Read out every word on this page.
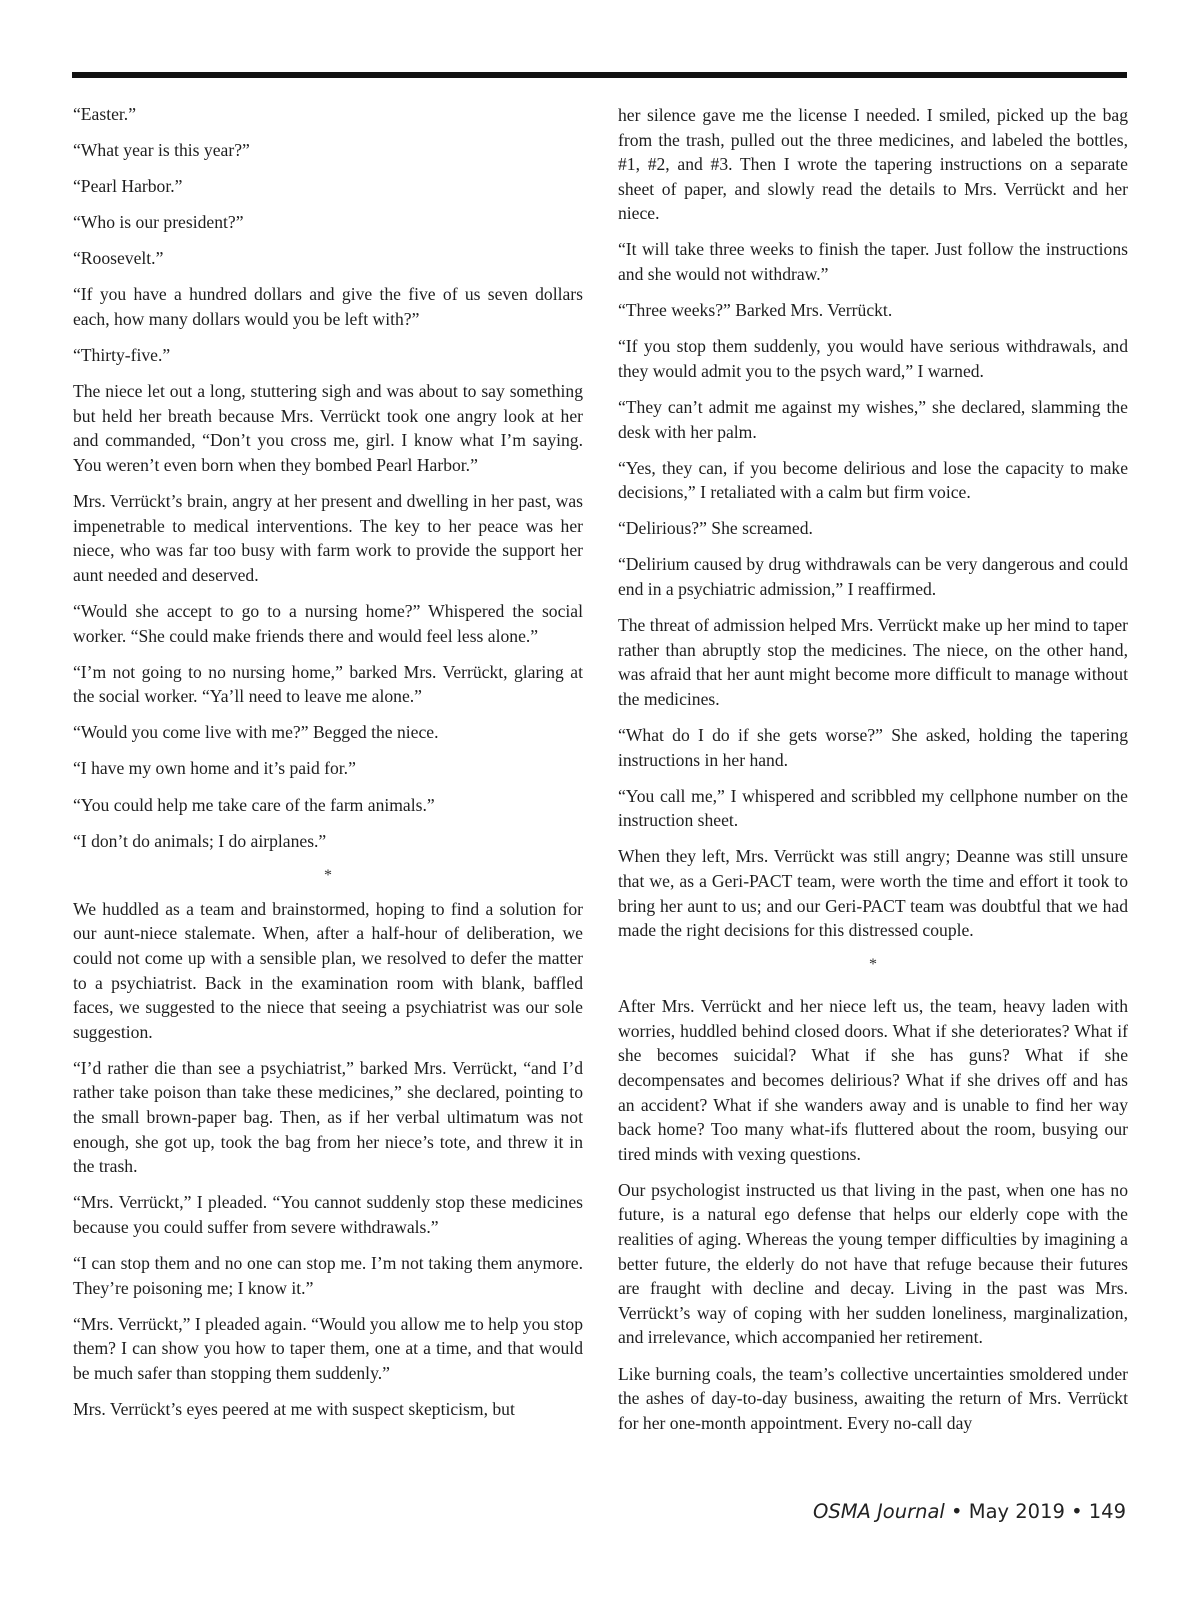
“Easter.”

“What year is this year?”

“Pearl Harbor.”

“Who is our president?”

“Roosevelt.”

“If you have a hundred dollars and give the five of us seven dollars each, how many dollars would you be left with?”

“Thirty-five.”

The niece let out a long, stuttering sigh and was about to say something but held her breath because Mrs. Verrückt took one angry look at her and commanded, “Don’t you cross me, girl. I know what I’m saying. You weren’t even born when they bombed Pearl Harbor.”

Mrs. Verrückt’s brain, angry at her present and dwelling in her past, was impenetrable to medical interventions. The key to her peace was her niece, who was far too busy with farm work to provide the support her aunt needed and deserved.

“Would she accept to go to a nursing home?” Whispered the social worker. “She could make friends there and would feel less alone.”

“I’m not going to no nursing home,” barked Mrs. Verrückt, glaring at the social worker. “Ya’ll need to leave me alone.”

“Would you come live with me?” Begged the niece.

“I have my own home and it’s paid for.”

“You could help me take care of the farm animals.”

“I don’t do animals; I do airplanes.”

*

We huddled as a team and brainstormed, hoping to find a solution for our aunt-niece stalemate. When, after a half-hour of deliberation, we could not come up with a sensible plan, we resolved to defer the matter to a psychiatrist. Back in the examination room with blank, baffled faces, we suggested to the niece that seeing a psychiatrist was our sole suggestion.

“I’d rather die than see a psychiatrist,” barked Mrs. Verrückt, “and I’d rather take poison than take these medicines,” she declared, pointing to the small brown-paper bag. Then, as if her verbal ultimatum was not enough, she got up, took the bag from her niece’s tote, and threw it in the trash.

“Mrs. Verrückt,” I pleaded. “You cannot suddenly stop these medicines because you could suffer from severe withdrawals.”

“I can stop them and no one can stop me. I’m not taking them anymore. They’re poisoning me; I know it.”

“Mrs. Verrückt,” I pleaded again. “Would you allow me to help you stop them? I can show you how to taper them, one at a time, and that would be much safer than stopping them suddenly.”

Mrs. Verrückt’s eyes peered at me with suspect skepticism, but

her silence gave me the license I needed. I smiled, picked up the bag from the trash, pulled out the three medicines, and labeled the bottles, #1, #2, and #3. Then I wrote the tapering instructions on a separate sheet of paper, and slowly read the details to Mrs. Verrückt and her niece.

“It will take three weeks to finish the taper. Just follow the instructions and she would not withdraw.”

“Three weeks?” Barked Mrs. Verrückt.

“If you stop them suddenly, you would have serious withdrawals, and they would admit you to the psych ward,” I warned.

“They can’t admit me against my wishes,” she declared, slamming the desk with her palm.

“Yes, they can, if you become delirious and lose the capacity to make decisions,” I retaliated with a calm but firm voice.

“Delirious?” She screamed.

“Delirium caused by drug withdrawals can be very dangerous and could end in a psychiatric admission,” I reaffirmed.

The threat of admission helped Mrs. Verrückt make up her mind to taper rather than abruptly stop the medicines. The niece, on the other hand, was afraid that her aunt might become more difficult to manage without the medicines.

“What do I do if she gets worse?” She asked, holding the tapering instructions in her hand.

“You call me,” I whispered and scribbled my cellphone number on the instruction sheet.

When they left, Mrs. Verrückt was still angry; Deanne was still unsure that we, as a Geri-PACT team, were worth the time and effort it took to bring her aunt to us; and our Geri-PACT team was doubtful that we had made the right decisions for this distressed couple.

*

After Mrs. Verrückt and her niece left us, the team, heavy laden with worries, huddled behind closed doors. What if she deteriorates? What if she becomes suicidal? What if she has guns? What if she decompensates and becomes delirious? What if she drives off and has an accident? What if she wanders away and is unable to find her way back home? Too many what-ifs fluttered about the room, busying our tired minds with vexing questions.

Our psychologist instructed us that living in the past, when one has no future, is a natural ego defense that helps our elderly cope with the realities of aging. Whereas the young temper difficulties by imagining a better future, the elderly do not have that refuge because their futures are fraught with decline and decay. Living in the past was Mrs. Verrückt’s way of coping with her sudden loneliness, marginalization, and irrelevance, which accompanied her retirement.

Like burning coals, the team’s collective uncertainties smoldered under the ashes of day-to-day business, awaiting the return of Mrs. Verrückt for her one-month appointment. Every no-call day

OSMA Journal • May 2019 • 149
